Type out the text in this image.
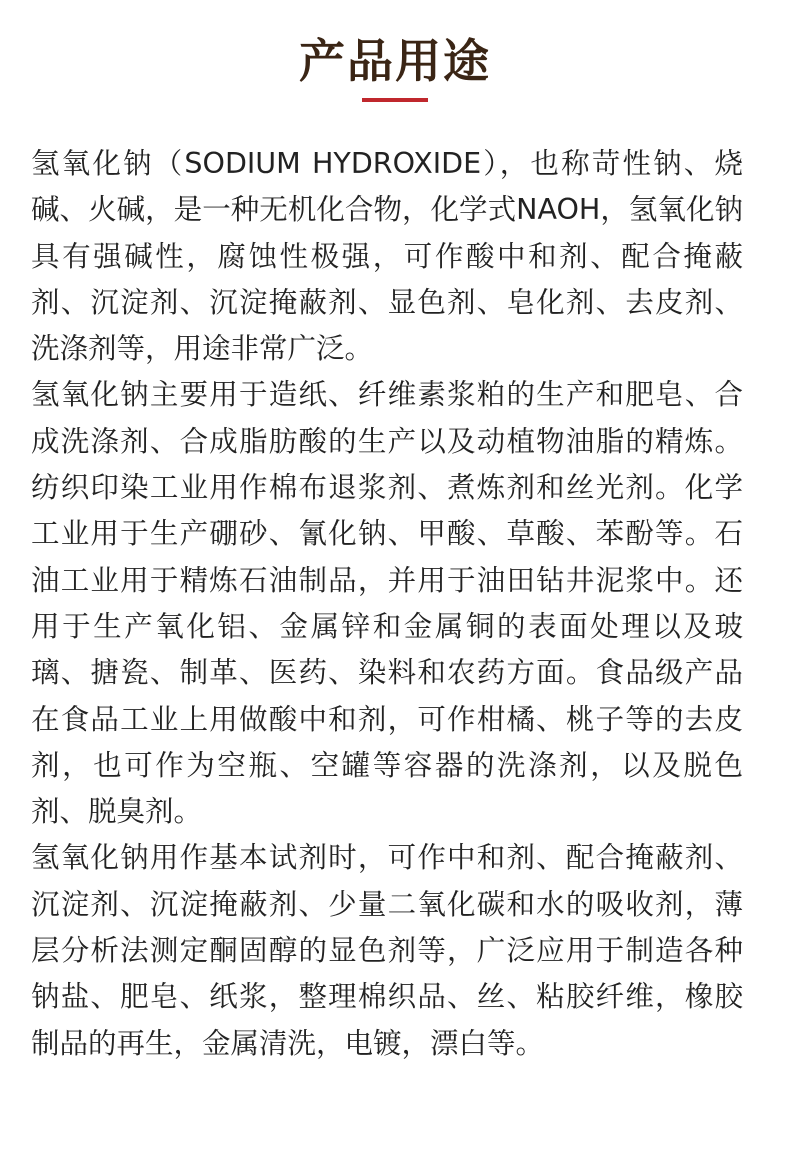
产品用途

氢氧化钠（SODIUM HYDROXIDE），也称苛性钠、烧碱、火碱，是一种无机化合物，化学式NAOH，氢氧化钠具有强碱性，腐蚀性极强，可作酸中和剂、配合掩蔽剂、沉淀剂、沉淀掩蔽剂、显色剂、皂化剂、去皮剂、洗涤剂等，用途非常广泛。

氢氧化钠主要用于造纸、纤维素浆粕的生产和肥皂、合成洗涤剂、合成脂肪酸的生产以及动植物油脂的精炼。纺织印染工业用作棉布退浆剂、煮炼剂和丝光剂。化学工业用于生产硼砂、氰化钠、甲酸、草酸、苯酚等。石油工业用于精炼石油制品，并用于油田钻井泥浆中。还用于生产氧化铝、金属锌和金属铜的表面处理以及玻璃、搪瓷、制革、医药、染料和农药方面。食品级产品在食品工业上用做酸中和剂，可作柑橘、桃子等的去皮剂，也可作为空瓶、空罐等容器的洗涤剂，以及脱色剂、脱臭剂。

氢氧化钠用作基本试剂时，可作中和剂、配合掩蔽剂、沉淀剂、沉淀掩蔽剂、少量二氧化碳和水的吸收剂，薄层分析法测定酮固醇的显色剂等，广泛应用于制造各种钠盐、肥皂、纸浆，整理棉织品、丝、粘胶纤维，橡胶制品的再生，金属清洗，电镀，漂白等。
